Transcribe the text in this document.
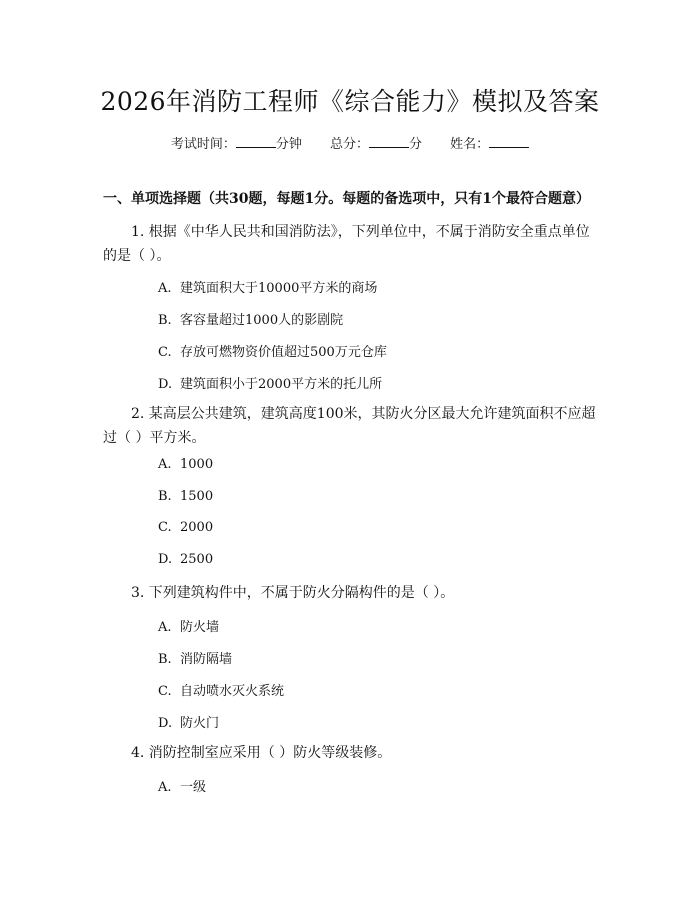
2026年消防工程师《综合能力》模拟及答案
考试时间：	分钟 总分：	分 姓名：
一、单项选择题（共30题，每题1分。每题的备选项中，只有1个最符合题意）
1. 根据《中华人民共和国消防法》，下列单位中，不属于消防安全重点单位
的是（ ）。
A. 建筑面积大于10000平方米的商场
B. 客容量超过1000人的影剧院
C. 存放可燃物资价值超过500万元仓库
D. 建筑面积小于2000平方米的托儿所
2. 某高层公共建筑，建筑高度100米，其防火分区最大允许建筑面积不应超
过（ ）平方米。
A. 1000
B. 1500
C. 2000
D. 2500
3. 下列建筑构件中，不属于防火分隔构件的是（ ）。
A. 防火墙
B. 消防隔墙
C. 自动喷水灭火系统
D. 防火门
4. 消防控制室应采用（ ）防火等级装修。
A. 一级
